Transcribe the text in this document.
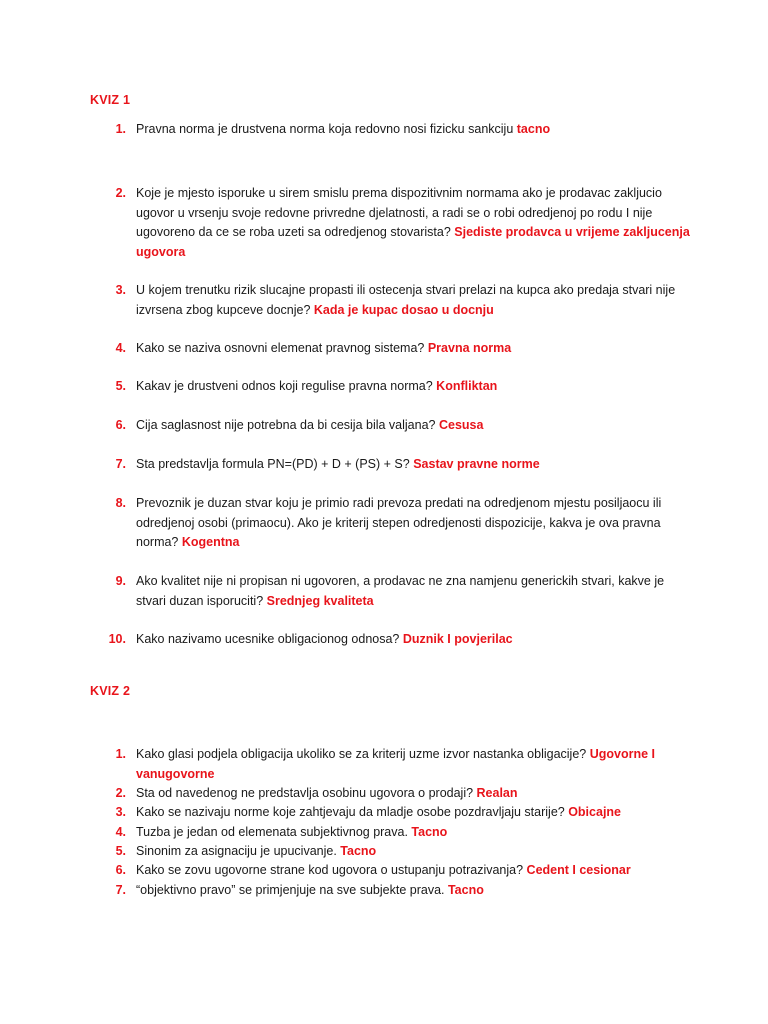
KVIZ 1
1. Pravna norma je drustvena norma koja redovno nosi fizicku sankciju tacno
2. Koje je mjesto isporuke u sirem smislu prema dispozitivnim normama ako je prodavac zakljucio ugovor u vrsenju svoje redovne privredne djelatnosti, a radi se o robi odredjenoj po rodu I nije ugovoreno da ce se roba uzeti sa odredjenog stovarista? Sjediste prodavca u vrijeme zakljucenja ugovora
3. U kojem trenutku rizik slucajne propasti ili ostecenja stvari prelazi na kupca ako predaja stvari nije izvrsena zbog kupceve docnje? Kada je kupac dosao u docnju
4. Kako se naziva osnovni elemenat pravnog sistema? Pravna norma
5. Kakav je drustveni odnos koji regulise pravna norma? Konfliktan
6. Cija saglasnost nije potrebna da bi cesija bila valjana? Cesusa
7. Sta predstavlja formula PN=(PD) + D + (PS) + S? Sastav pravne norme
8. Prevoznik je duzan stvar koju je primio radi prevoza predati na odredjenom mjestu posiljaocu ili odredjenoj osobi (primaocu). Ako je kriterij stepen odredjenosti dispozicije, kakva je ova pravna norma? Kogentna
9. Ako kvalitet nije ni propisan ni ugovoren, a prodavac ne zna namjenu generickih stvari, kakve je stvari duzan isporuciti? Srednjeg kvaliteta
10. Kako nazivamo ucesnike obligacionog odnosa? Duznik I povjerilac
KVIZ 2
1. Kako glasi podjela obligacija ukoliko se za kriterij uzme izvor nastanka obligacije? Ugovorne I vanugovorne
2. Sta od navedenog ne predstavlja osobinu ugovora o prodaji? Realan
3. Kako se nazivaju norme koje zahtjevaju da mladje osobe pozdravljaju starije? Obicajne
4. Tuzba je jedan od elemenata subjektivnog prava. Tacno
5. Sinonim za asignaciju je upucivanje. Tacno
6. Kako se zovu ugovorne strane kod ugovora o ustupanju potrazivanja? Cedent I cesionar
7. “objektivno pravo” se primjenjuje na sve subjekte prava. Tacno
